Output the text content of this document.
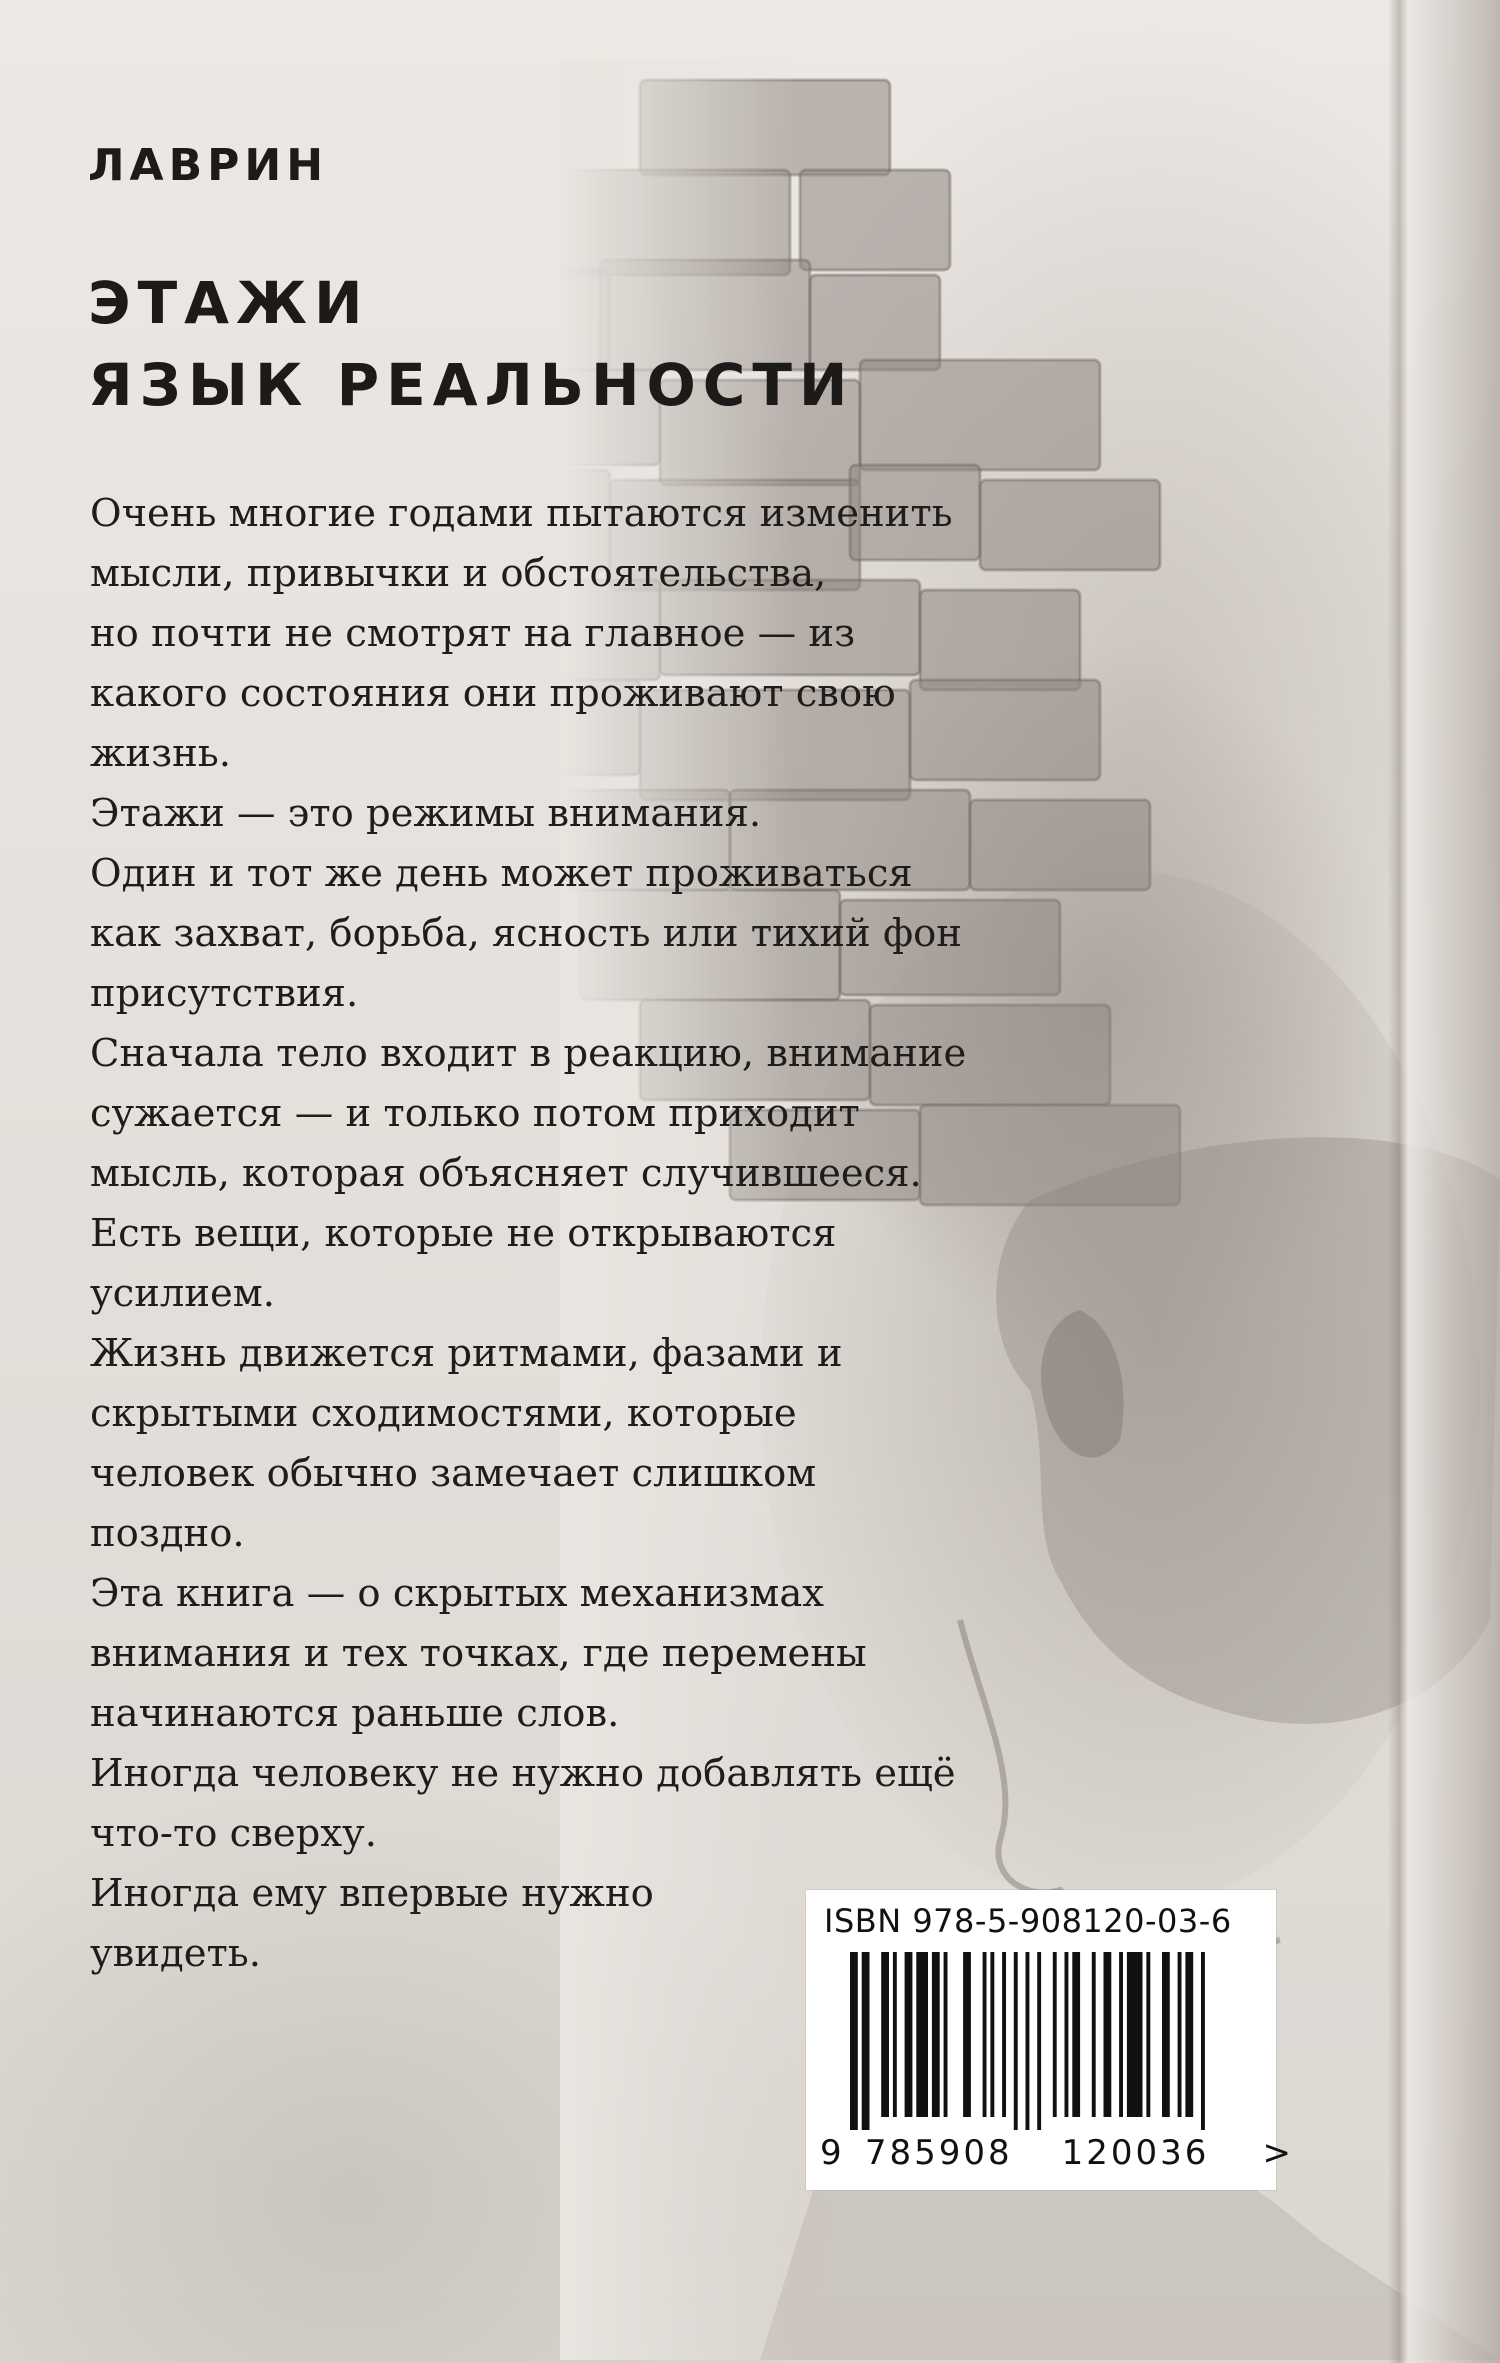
ЛАВРИН
ЭТАЖИ
ЯЗЫК РЕАЛЬНОСТИ
Очень многие годами пытаются изменить
мысли, привычки и обстоятельства,
но почти не смотрят на главное — из
какого состояния они проживают свою
жизнь.
Этажи — это режимы внимания.
Один и тот же день может проживаться
как захват, борьба, ясность или тихий фон
присутствия.
Сначала тело входит в реакцию, внимание
сужается — и только потом приходит
мысль, которая объясняет случившееся.
Есть вещи, которые не открываются
усилием.
Жизнь движется ритмами, фазами и
скрытыми сходимостями, которые
человек обычно замечает слишком
поздно.
Эта книга — о скрытых механизмах
внимания и тех точках, где перемены
начинаются раньше слов.
Иногда человеку не нужно добавлять ещё
что-то сверху.
Иногда ему впервые нужно
увидеть.
ISBN 978-5-908120-03-6
9 785908 120036 >
